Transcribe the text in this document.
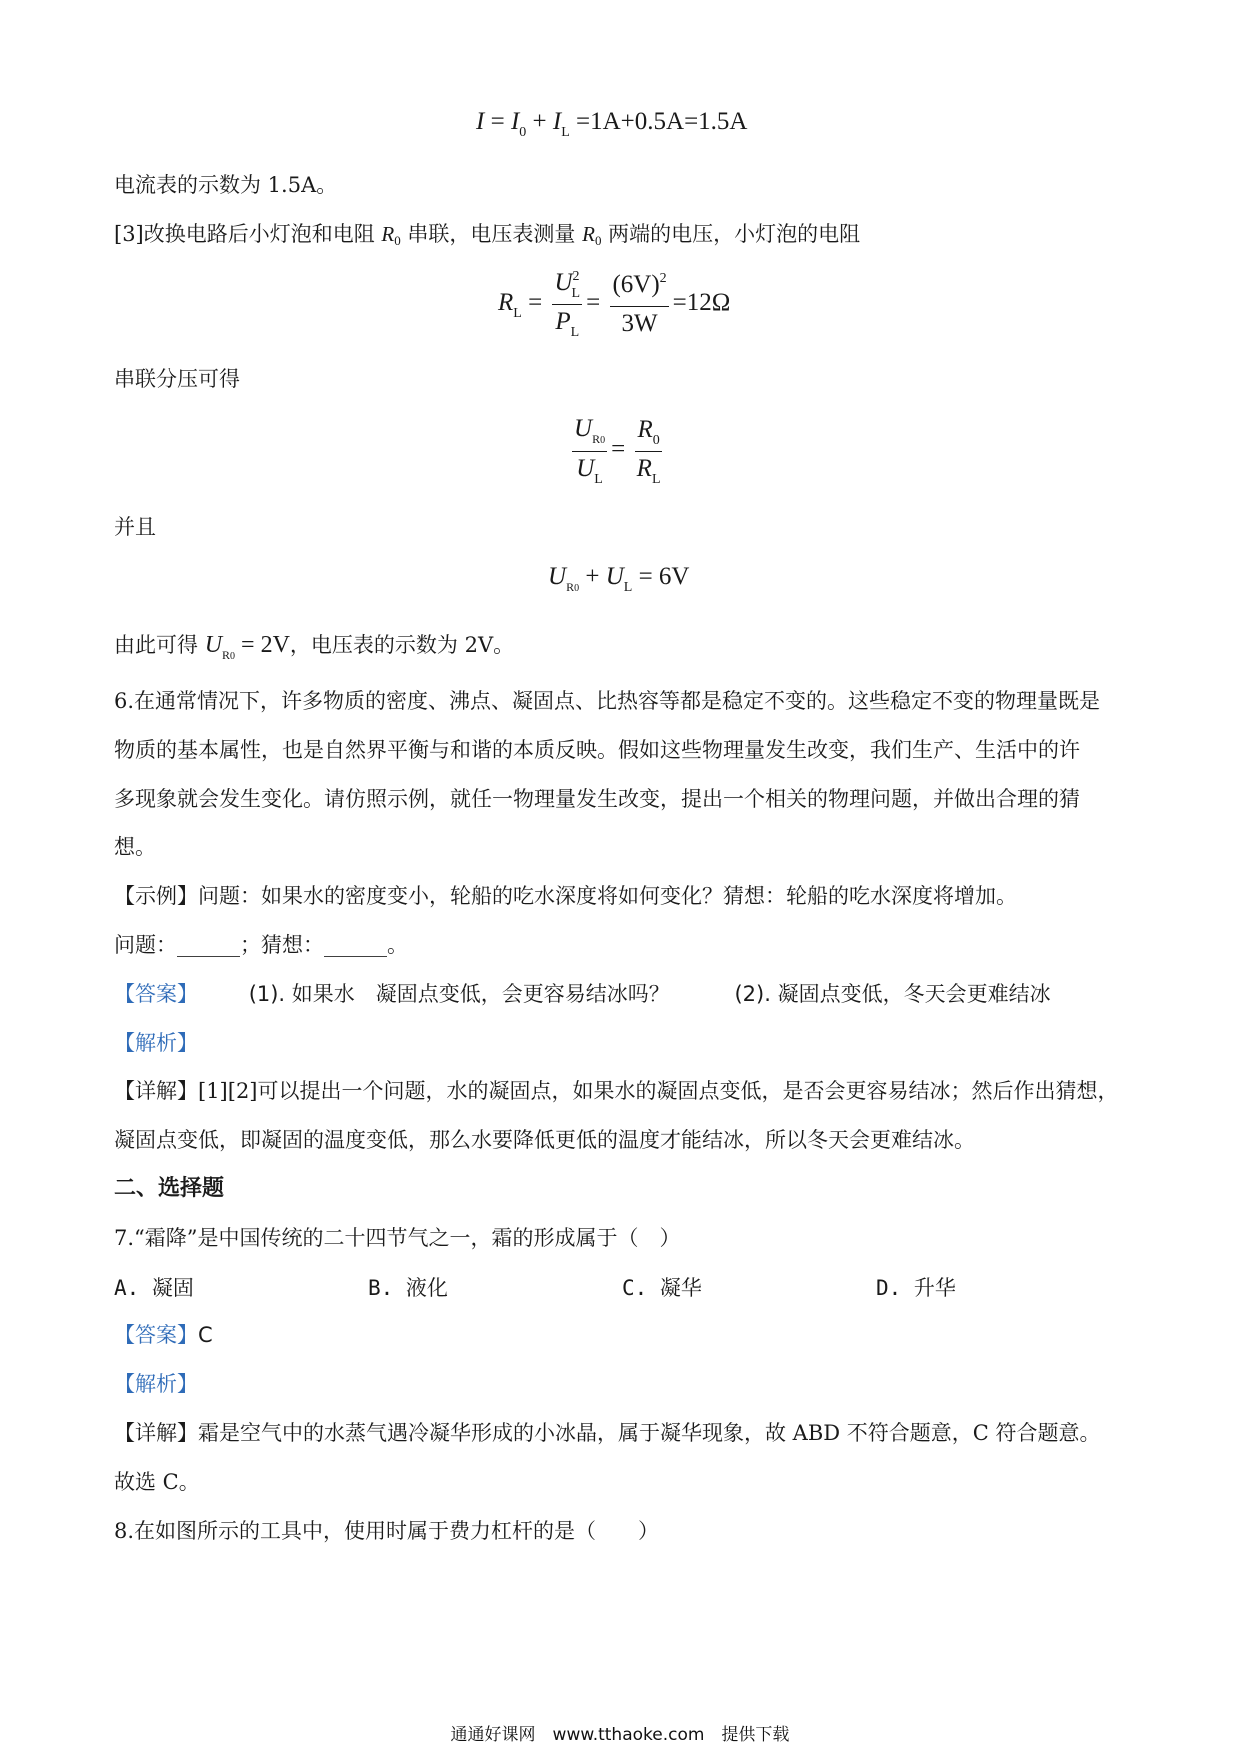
$I = I_0 + I_L =1A+0.5A=1.5A$
电流表的示数为 1.5A。
[3]改换电路后小灯泡和电阻 R0 串联，电压表测量 R0 两端的电压，小灯泡的电阻
$R_L = \frac{U^2_L}{P_L} = \frac{(6V)^2}{3W} =12\Omega$
串联分压可得
$\frac{U_{R0}}{U_L} = \frac{R_0}{R_L}$
并且
$U_{R0} + U_L = 6V$
由此可得 $U_{R0} = 2V$，电压表的示数为 2V。
6.在通常情况下，许多物质的密度、沸点、凝固点、比热容等都是稳定不变的。这些稳定不变的物理量既是
物质的基本属性，也是自然界平衡与和谐的本质反映。假如这些物理量发生改变，我们生产、生活中的许
多现象就会发生变化。请仿照示例，就任一物理量发生改变，提出一个相关的物理问题，并做出合理的猜
想。
【示例】问题：如果水的密度变小，轮船的吃水深度将如何变化？猜想：轮船的吃水深度将增加。
问题：______；猜想：______。
【答案】 (1). 如果水　凝固点变低，会更容易结冰吗？	(2). 凝固点变低，冬天会更难结冰
【解析】
【详解】[1][2]可以提出一个问题，水的凝固点，如果水的凝固点变低，是否会更容易结冰；然后作出猜想，
凝固点变低，即凝固的温度变低，那么水要降低更低的温度才能结冰，所以冬天会更难结冰。
二、选择题
7.“霜降”是中国传统的二十四节气之一，霜的形成属于（　）
A. 凝固	B. 液化	C. 凝华	D. 升华
【答案】C
【解析】
【详解】霜是空气中的水蒸气遇冷凝华形成的小冰晶，属于凝华现象，故 ABD 不符合题意，C 符合题意。
故选 C。
8.在如图所示的工具中，使用时属于费力杠杆的是（　　）
通通好课网　www.tthaoke.com　提供下载
